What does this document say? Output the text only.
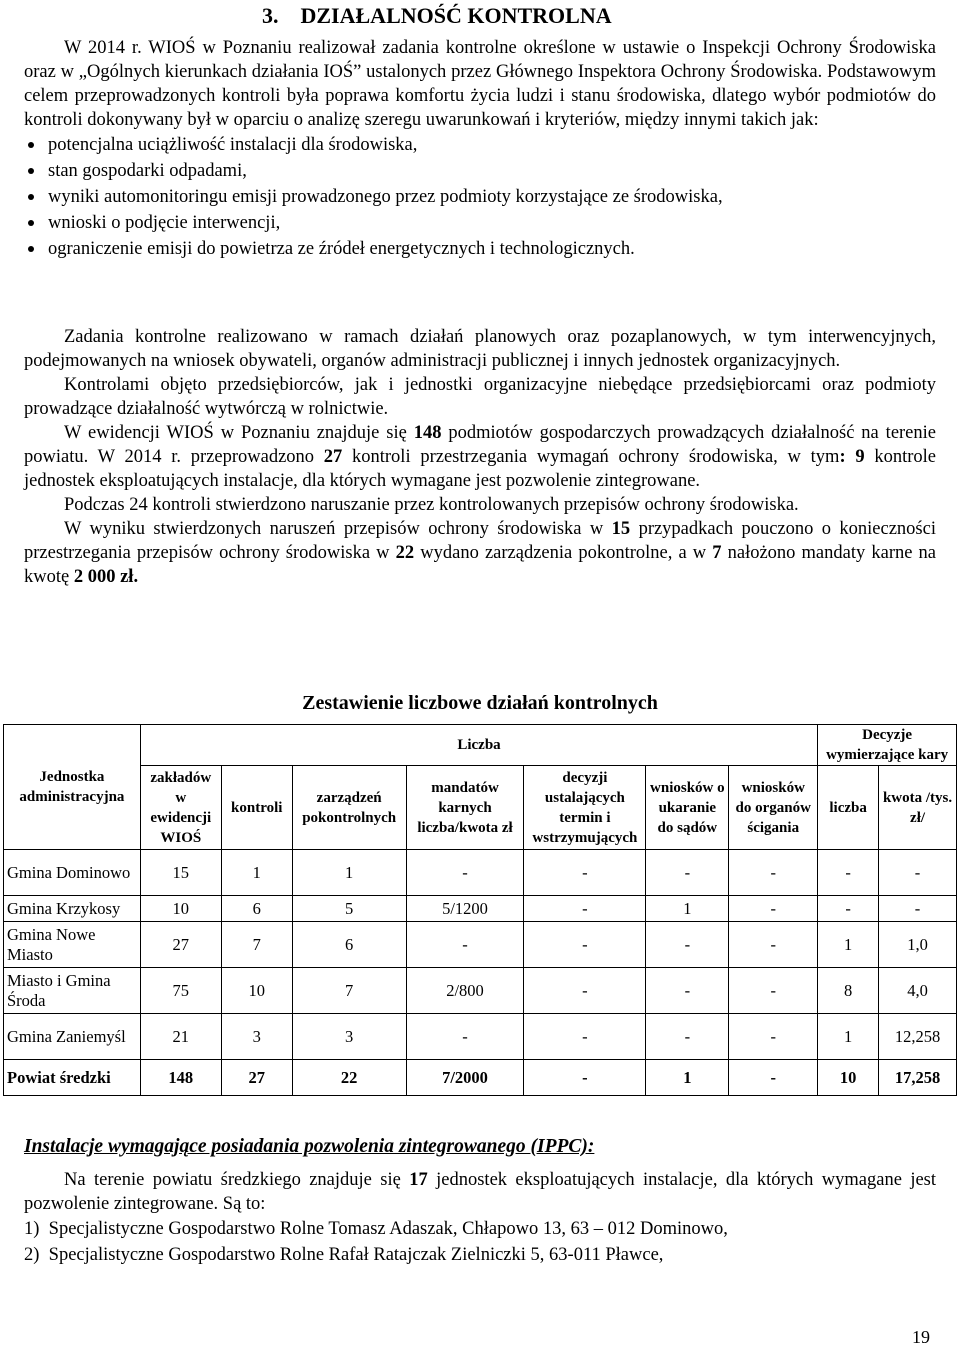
3.    DZIAŁALNOŚĆ KONTROLNA

W 2014 r. WIOŚ w Poznaniu realizował zadania kontrolne określone w ustawie o Inspekcji Ochrony Środowiska oraz w „Ogólnych kierunkach działania IOŚ” ustalonych przez Głównego Inspektora Ochrony Środowiska. Podstawowym celem przeprowadzonych kontroli była poprawa komfortu życia ludzi i stanu środowiska, dlatego wybór podmiotów do kontroli dokonywany był w oparciu o analizę szeregu uwarunkowań i kryteriów, między innymi takich jak:

potencjalna uciążliwość instalacji dla środowiska,
stan gospodarki odpadami,
wyniki automonitoringu emisji prowadzonego przez podmioty korzystające ze środowiska,
wnioski o podjęcie interwencji,
ograniczenie emisji do powietrza ze źródeł energetycznych i technologicznych.

Zadania kontrolne realizowano w ramach działań planowych oraz pozaplanowych, w tym interwencyjnych, podejmowanych na wniosek obywateli, organów administracji publicznej i innych jednostek organizacyjnych.

Kontrolami objęto przedsiębiorców, jak i jednostki organizacyjne niebędące przedsiębiorcami oraz podmioty prowadzące działalność wytwórczą w rolnictwie.

W ewidencji WIOŚ w Poznaniu znajduje się 148 podmiotów gospodarczych prowadzących działalność na terenie powiatu. W 2014 r. przeprowadzono 27 kontroli przestrzegania wymagań ochrony środowiska, w tym: 9 kontrole jednostek eksploatujących instalacje, dla których wymagane jest pozwolenie zintegrowane.

Podczas 24 kontroli stwierdzono naruszanie przez kontrolowanych przepisów ochrony środowiska.

W wyniku stwierdzonych naruszeń przepisów ochrony środowiska w 15 przypadkach pouczono o konieczności przestrzegania przepisów ochrony środowiska w 22 wydano zarządzenia pokontrolne, a w 7 nałożono mandaty karne na kwotę 2 000 zł.

Zestawienie liczbowe działań kontrolnych
Jednostka administracyjna	Liczba							Decyzje wymierzające kary	
	zakładów w ewidencji WIOŚ	kontroli	zarządzeń pokontrolnych	mandatów karnych liczba/kwota zł	decyzji ustalających termin i wstrzymujących	wniosków o ukaranie do sądów	wniosków do organów ścigania	liczba	kwota /tys. zł/
Gmina Dominowo	15	1	1	-	-	-	-	-	-
Gmina Krzykosy	10	6	5	5/1200	-	1	-	-	-
Gmina Nowe Miasto	27	7	6	-	-	-	-	1	1,0
Miasto i Gmina Środa	75	10	7	2/800	-	-	-	8	4,0
Gmina Zaniemyśl	21	3	3	-	-	-	-	1	12,258
Powiat średzki	148	27	22	7/2000	-	1	-	10	17,258
Instalacje wymagające posiadania pozwolenia zintegrowanego (IPPC):

Na terenie powiatu średzkiego znajduje się 17 jednostek eksploatujących instalacje, dla których wymagane jest pozwolenie zintegrowane. Są to:

1)  Specjalistyczne Gospodarstwo Rolne Tomasz Adaszak, Chłapowo 13, 63 – 012 Dominowo,
2)  Specjalistyczne Gospodarstwo Rolne Rafał Ratajczak Zielniczki 5, 63-011 Pławce,
19
